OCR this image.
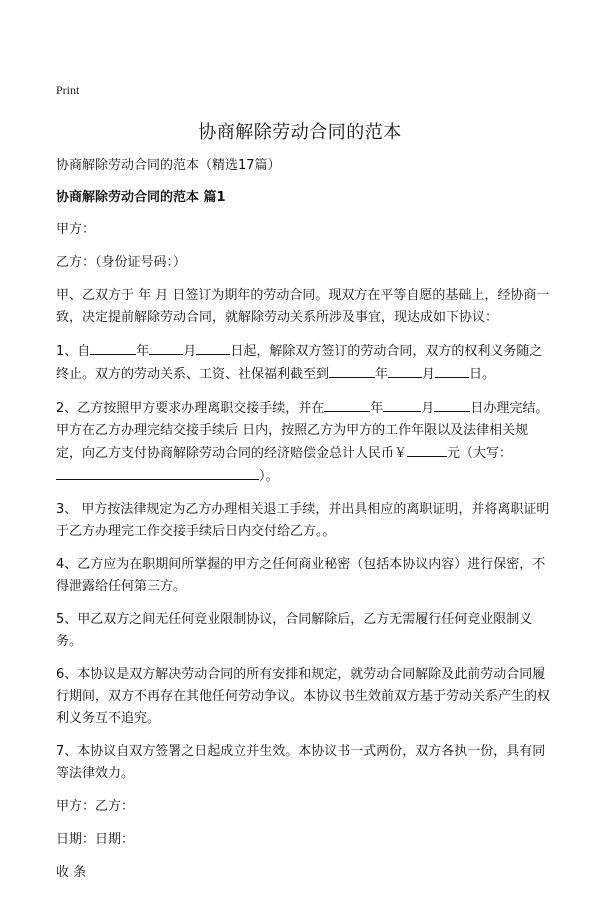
Print
协商解除劳动合同的范本

协商解除劳动合同的范本（精选17篇）

协商解除劳动合同的范本 篇1

甲方：

乙方：（身份证号码：）

甲、乙双方于 年 月 日签订为期年的劳动合同。现双方在平等自愿的基础上，经协商一致，决定提前解除劳动合同，就解除劳动关系所涉及事宜，现达成如下协议：

1、自	年	月	日起，解除双方签订的劳动合同，双方的权利义务随之终止。双方的劳动关系、工资、社保福利截至到	年	月	日。

2、乙方按照甲方要求办理离职交接手续，并在	年	月	日办理完结。甲方在乙方办理完结交接手续后 日内，按照乙方为甲方的工作年限以及法律相关规定，向乙方支付协商解除劳动合同的经济赔偿金总计人民币￥	元（大写：）。

3、 甲方按法律规定为乙方办理相关退工手续，并出具相应的离职证明，并将离职证明于乙方办理完工作交接手续后日内交付给乙方。。

4、乙方应为在职期间所掌握的甲方之任何商业秘密（包括本协议内容）进行保密，不得泄露给任何第三方。

5、甲乙双方之间无任何竞业限制协议，合同解除后，乙方无需履行任何竞业限制义务。

6、本协议是双方解决劳动合同的所有安排和规定，就劳动合同解除及此前劳动合同履行期间，双方不再存在其他任何劳动争议。本协议书生效前双方基于劳动关系产生的权利义务互不追究。

7、本协议自双方签署之日起成立并生效。本协议书一式两份，双方各执一份，具有同等法律效力。

甲方：乙方：

日期：日期：

收 条
